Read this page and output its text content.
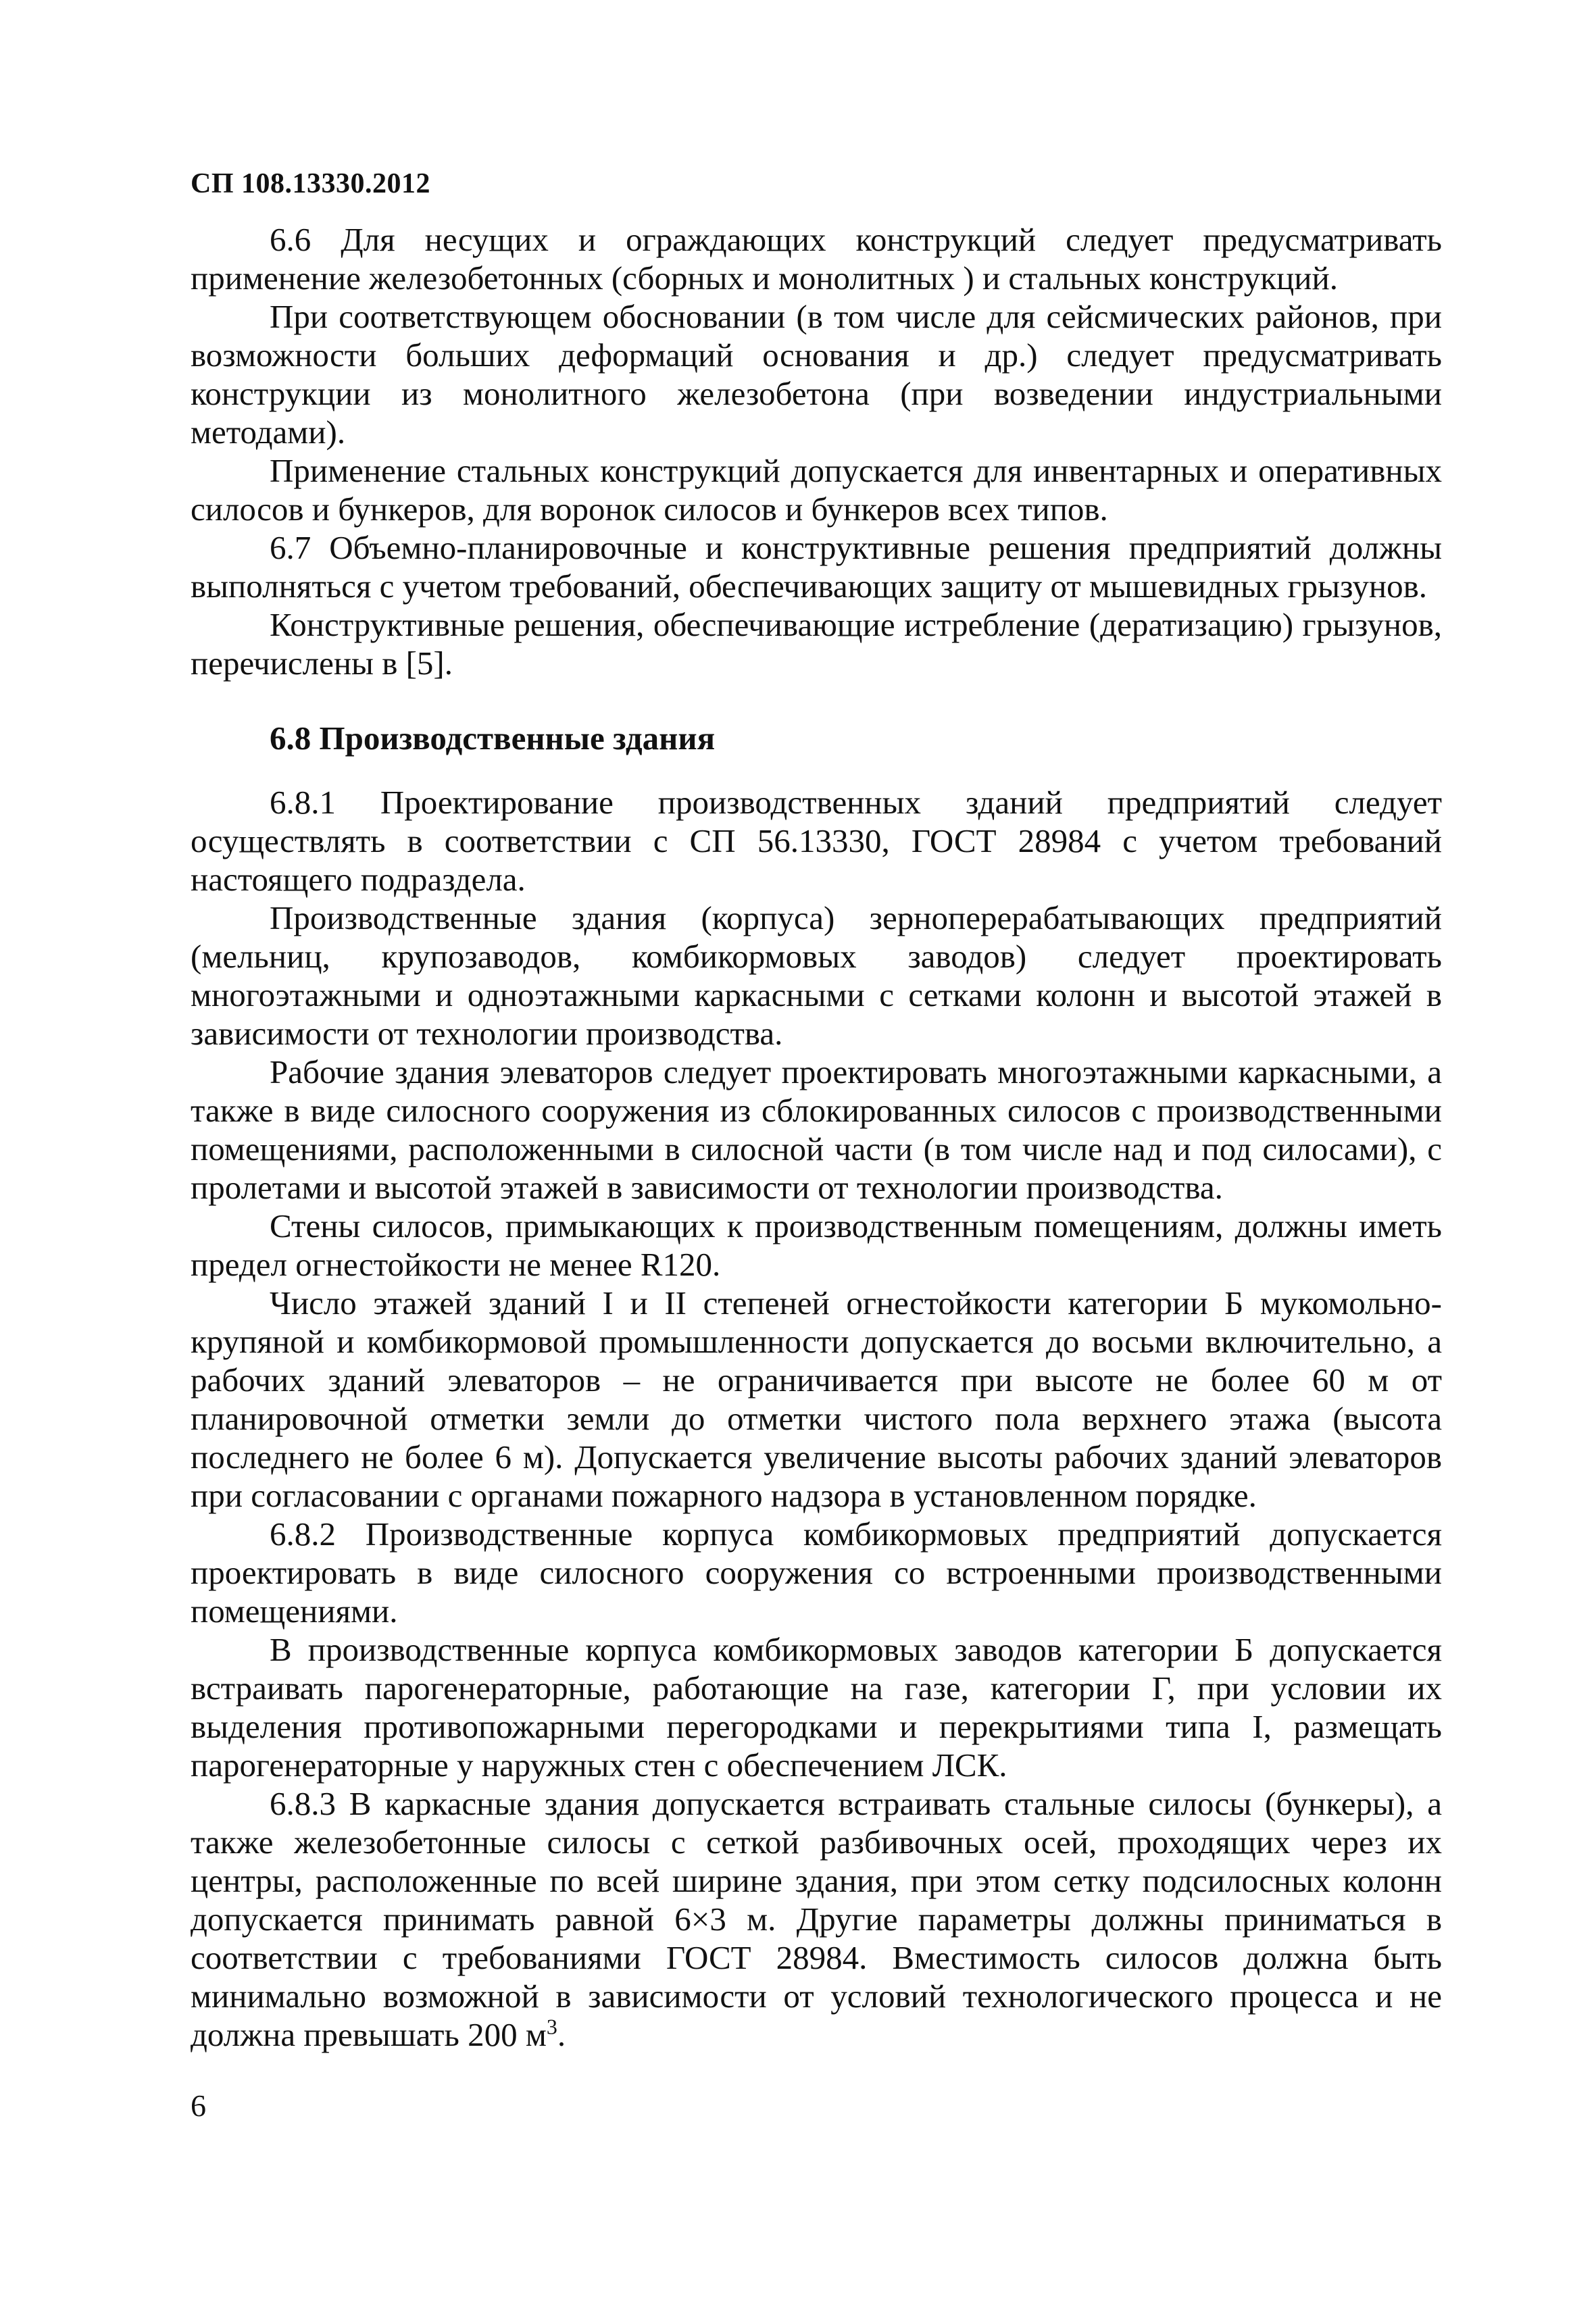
СП 108.13330.2012

6.6 Для несущих и ограждающих конструкций следует предусматривать применение железобетонных (сборных и монолитных ) и стальных конструкций.

При соответствующем обосновании (в том числе для сейсмических районов, при возможности больших деформаций основания и др.) следует предусматривать конструкции из монолитного железобетона (при возведении индустриальными методами).

Применение стальных конструкций допускается для инвентарных и оперативных силосов и бункеров, для воронок силосов и бункеров всех типов.

6.7 Объемно-планировочные и конструктивные решения предприятий должны выполняться с учетом требований, обеспечивающих защиту от мышевидных грызунов.

Конструктивные решения, обеспечивающие истребление (дератизацию) грызунов, перечислены в [5].

6.8 Производственные здания

6.8.1 Проектирование производственных зданий предприятий следует осуществлять в соответствии с СП 56.13330, ГОСТ 28984 с учетом требований настоящего подраздела.

Производственные здания (корпуса) зерноперерабатывающих предприятий (мельниц, крупозаводов, комбикормовых заводов) следует проектировать многоэтажными и одноэтажными каркасными с сетками колонн и высотой этажей в зависимости от технологии производства.

Рабочие здания элеваторов следует проектировать многоэтажными каркасными, а также в виде силосного сооружения из сблокированных силосов с производственными помещениями, расположенными в силосной части (в том числе над и под силосами), с пролетами и высотой этажей в зависимости от технологии производства.

Стены силосов, примыкающих к производственным помещениям, должны иметь предел огнестойкости не менее R120.

Число этажей зданий I и II степеней огнестойкости категории Б мукомольно-крупяной и комбикормовой промышленности допускается до восьми включительно, а рабочих зданий элеваторов – не ограничивается при высоте не более 60 м от планировочной отметки земли до отметки чистого пола верхнего этажа (высота последнего не более 6 м). Допускается увеличение высоты рабочих зданий элеваторов при согласовании с органами пожарного надзора в установленном порядке.

6.8.2 Производственные корпуса комбикормовых предприятий допускается проектировать в виде силосного сооружения со встроенными производственными помещениями.

В производственные корпуса комбикормовых заводов категории Б допускается встраивать парогенераторные, работающие на газе, категории Г, при условии их выделения противопожарными перегородками и перекрытиями типа I, размещать парогенераторные у наружных стен с обеспечением ЛСК.

6.8.3 В каркасные здания допускается встраивать стальные силосы (бункеры), а также железобетонные силосы с сеткой разбивочных осей, проходящих через их центры, расположенные по всей ширине здания, при этом сетку подсилосных колонн допускается принимать равной 6×3 м. Другие параметры должны приниматься в соответствии с требованиями ГОСТ 28984. Вместимость силосов должна быть минимально возможной в зависимости от условий технологического процесса и не должна превышать 200 $м^3$.

6
